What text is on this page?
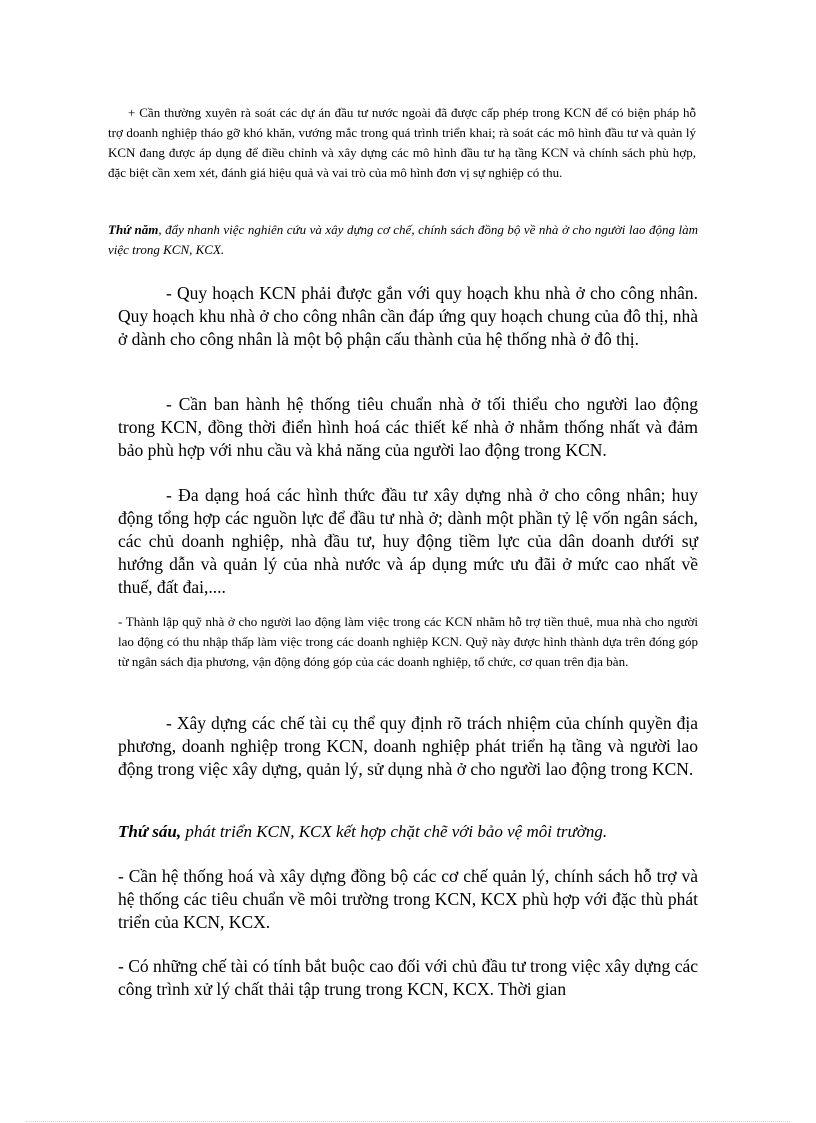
+ Cần thường xuyên rà soát các dự án đầu tư nước ngoài đã được cấp phép trong KCN để có biện pháp hỗ trợ doanh nghiệp tháo gỡ khó khăn, vướng mắc trong quá trình triển khai; rà soát các mô hình đầu tư và quản lý KCN đang được áp dụng để điều chỉnh và xây dựng các mô hình đầu tư hạ tầng KCN và chính sách phù hợp, đặc biệt cần xem xét, đánh giá hiệu quả và vai trò của mô hình đơn vị sự nghiệp có thu.

Thứ năm, đẩy nhanh việc nghiên cứu và xây dựng cơ chế, chính sách đồng bộ về nhà ở cho người lao động làm việc trong KCN, KCX.

- Quy hoạch KCN phải được gắn với quy hoạch khu nhà ở cho công nhân. Quy hoạch khu nhà ở cho công nhân cần đáp ứng quy hoạch chung của đô thị, nhà ở dành cho công nhân là một bộ phận cấu thành của hệ thống nhà ở đô thị.

- Cần ban hành hệ thống tiêu chuẩn nhà ở tối thiểu cho người lao động trong KCN, đồng thời điển hình hoá các thiết kế nhà ở nhằm thống nhất và đảm bảo phù hợp với nhu cầu và khả năng của người lao động trong KCN.

- Đa dạng hoá các hình thức đầu tư xây dựng nhà ở cho công nhân; huy động tổng hợp các nguồn lực để đầu tư nhà ở; dành một phần tỷ lệ vốn ngân sách, các chủ doanh nghiệp, nhà đầu tư, huy động tiềm lực của dân doanh dưới sự hướng dẫn và quản lý của nhà nước và áp dụng mức ưu đãi ở mức cao nhất về thuế, đất đai,....

- Thành lập quỹ nhà ở cho người lao động làm việc trong các KCN nhằm hỗ trợ tiền thuê, mua nhà cho người lao động có thu nhập thấp làm việc trong các doanh nghiệp KCN. Quỹ này được hình thành dựa trên đóng góp từ ngân sách địa phương, vận động đóng góp của các doanh nghiệp, tổ chức, cơ quan trên địa bàn.

- Xây dựng các chế tài cụ thể quy định rõ trách nhiệm của chính quyền địa phương, doanh nghiệp trong KCN, doanh nghiệp phát triển hạ tầng và người lao động trong việc xây dựng, quản lý, sử dụng nhà ở cho người lao động trong KCN.

Thứ sáu, phát triển KCN, KCX kết hợp chặt chẽ với bảo vệ môi trường.

- Cần hệ thống hoá và xây dựng đồng bộ các cơ chế quản lý, chính sách hỗ trợ và hệ thống các tiêu chuẩn về môi trường trong KCN, KCX phù hợp với đặc thù phát triển của KCN, KCX.

- Có những chế tài có tính bắt buộc cao đối với chủ đầu tư trong việc xây dựng các công trình xử lý chất thải tập trung trong KCN, KCX. Thời gian
